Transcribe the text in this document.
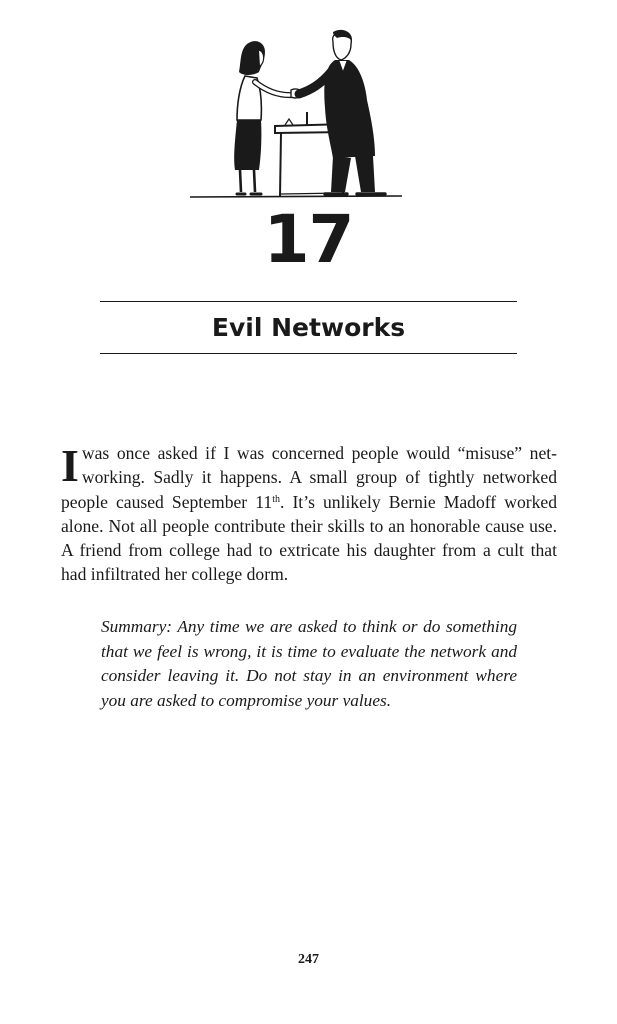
17
Evil Networks

Iwas once asked if I was concerned people would “misuse” net-working. Sadly it happens. A small group of tightly networked people caused September 11th. It’s unlikely Bernie Madoff worked alone. Not all people contribute their skills to an honorable cause use. A friend from college had to extricate his daughter from a cult that had infiltrated her college dorm.

Summary: Any time we are asked to think or do something that we feel is wrong, it is time to evaluate the network and consider leaving it. Do not stay in an environment where you are asked to compromise your values.

247
